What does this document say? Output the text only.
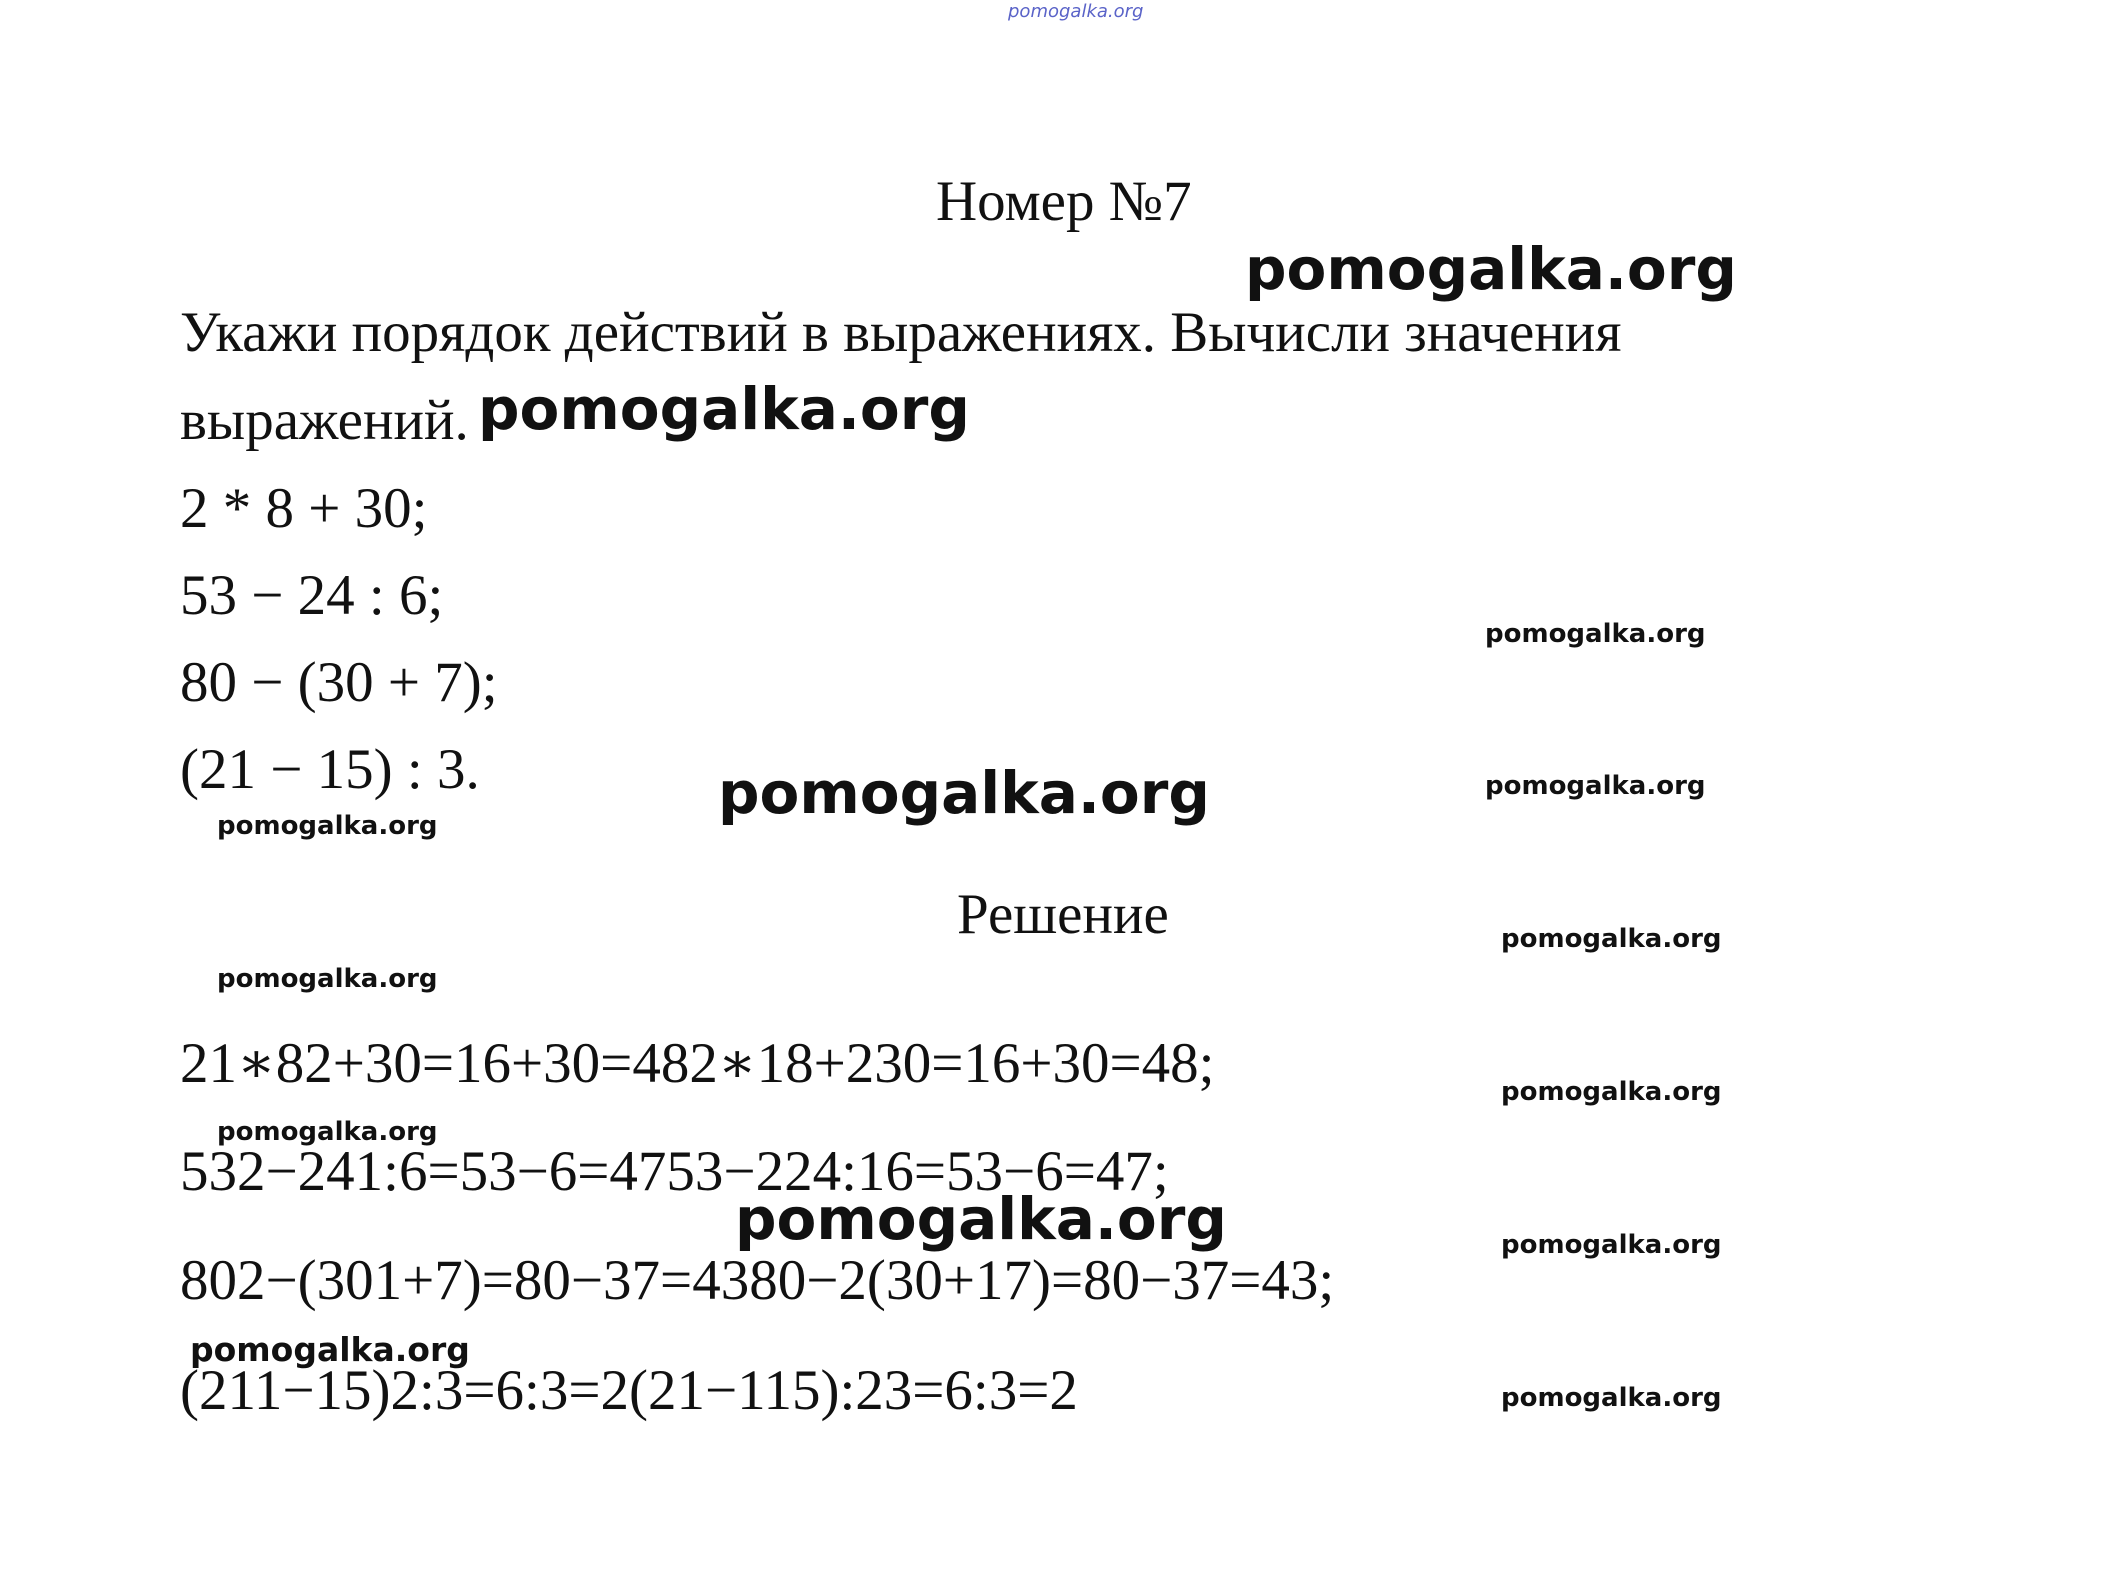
pomogalka.org
Номер №7
pomogalka.org
Укажи порядок действий в выражениях. Вычисли значения
выражений. pomogalka.org
2 * 8 + 30;
53 − 24 : 6;
80 − (30 + 7);
(21 − 15) : 3.
pomogalka.org
pomogalka.org
pomogalka.org
pomogalka.org
Решение	pomogalka.org
pomogalka.org
21∗82+30=16+30=482∗18+230=16+30=48;	pomogalka.org
pomogalka.org
532−241:6=53−6=4753−224:16=53−6=47;
pomogalka.org	pomogalka.org
802−(301+7)=80−37=4380−2(30+17)=80−37=43;
pomogalka.org
(211−15)2:3=6:3=2(21−115):23=6:3=2	pomogalka.org
